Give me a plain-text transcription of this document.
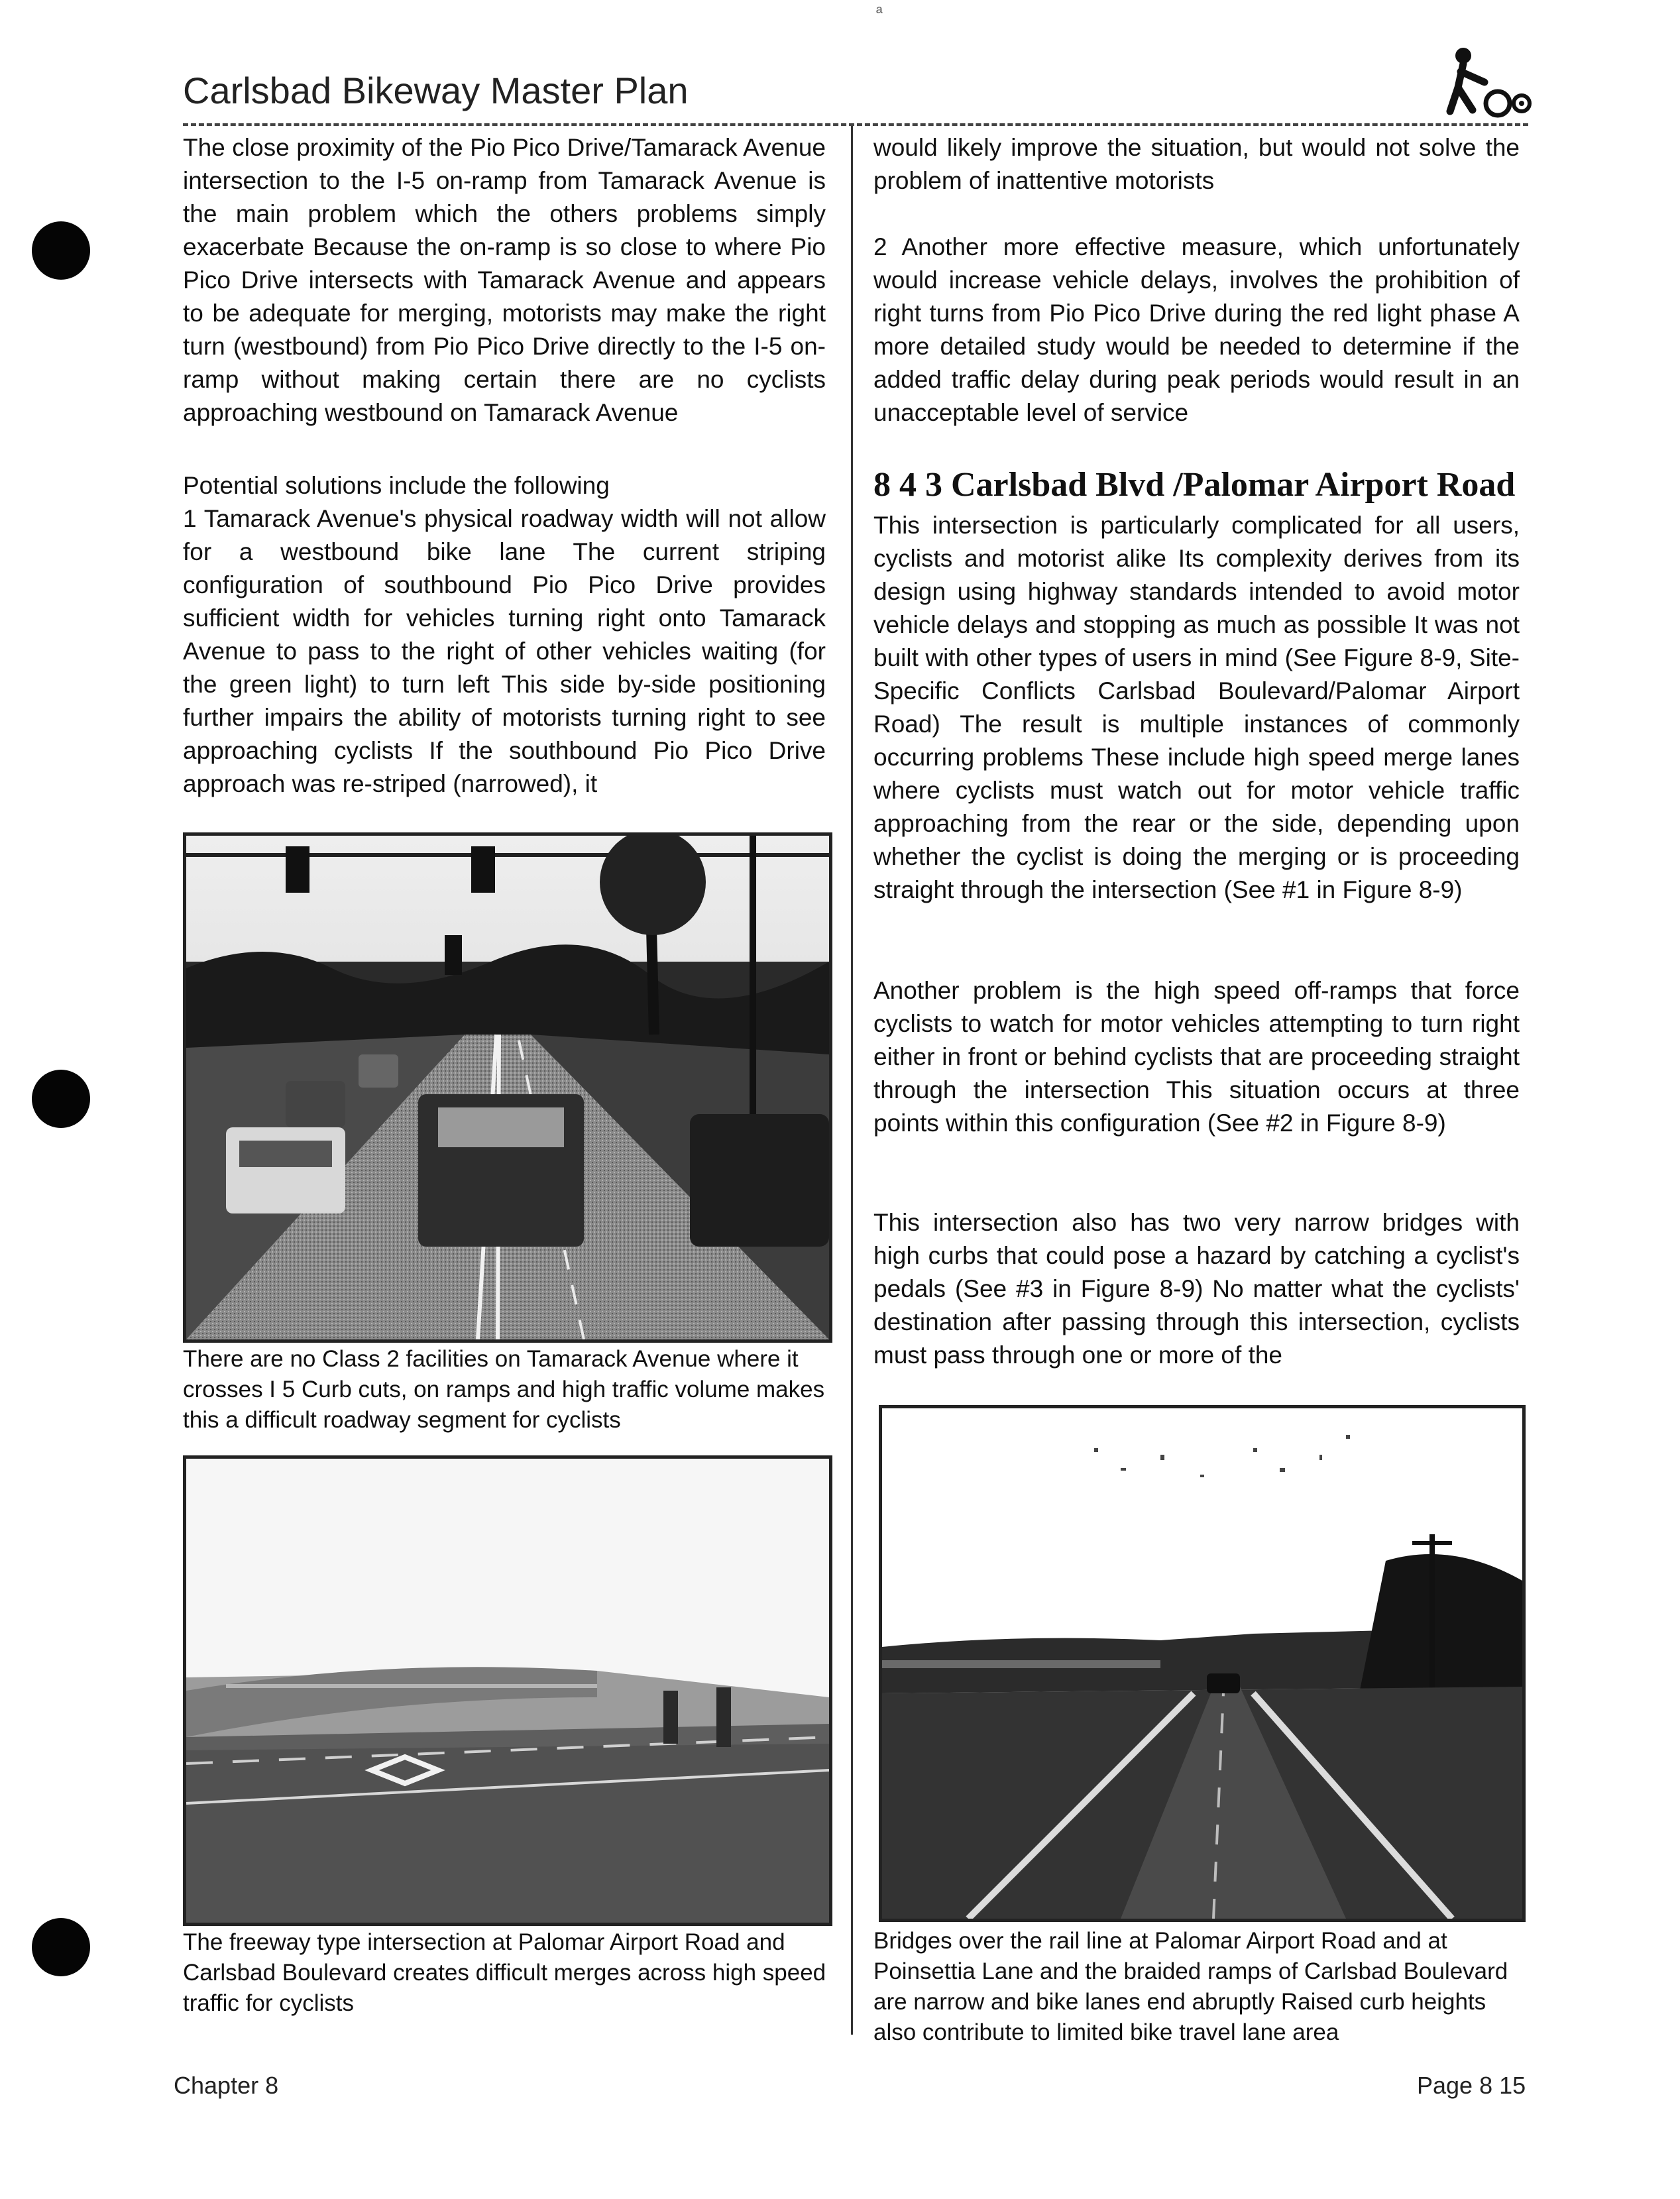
ª
Carlsbad Bikeway Master Plan

The close proximity of the Pio Pico Drive/Tamarack Avenue intersection to the I-5 on-ramp from Tamarack Avenue is the main problem which the others problems simply exacerbate Because the on-ramp is so close to where Pio Pico Drive intersects with Tamarack Avenue and appears to be adequate for merging, motorists may make the right turn (westbound) from Pio Pico Drive directly to the I-5 on-ramp without making certain there are no cyclists approaching westbound on Tamarack Avenue

Potential solutions include the following

1 Tamarack Avenue's physical roadway width will not allow for a westbound bike lane The current striping configuration of southbound Pio Pico Drive provides sufficient width for vehicles turning right onto Tamarack Avenue to pass to the right of other vehicles waiting (for the green light) to turn left This side by-side positioning further impairs the ability of motorists turning right to see approaching cyclists If the southbound Pio Pico Drive approach was re-striped (narrowed), it

There are no Class 2 facilities on Tamarack Avenue where it crosses I 5 Curb cuts, on ramps and high traffic volume makes this a difficult roadway segment for cyclists
The freeway type intersection at Palomar Airport Road and Carlsbad Boulevard creates difficult merges across high speed traffic for cyclists

would likely improve the situation, but would not solve the problem of inattentive motorists

2 Another more effective measure, which unfortunately would increase vehicle delays, involves the prohibition of right turns from Pio Pico Drive during the red light phase A more detailed study would be needed to determine if the added traffic delay during peak periods would result in an unacceptable level of service

8 4 3 Carlsbad Blvd /Palomar Airport Road

This intersection is particularly complicated for all users, cyclists and motorist alike Its complexity derives from its design using highway standards intended to avoid motor vehicle delays and stopping as much as possible It was not built with other types of users in mind (See Figure 8-9, Site-Specific Conflicts Carlsbad Boulevard/Palomar Airport Road) The result is multiple instances of commonly occurring problems These include high speed merge lanes where cyclists must watch out for motor vehicle traffic approaching from the rear or the side, depending upon whether the cyclist is doing the merging or is proceeding straight through the intersection (See #1 in Figure 8-9)

Another problem is the high speed off-ramps that force cyclists to watch for motor vehicles attempting to turn right either in front or behind cyclists that are proceeding straight through the intersection This situation occurs at three points within this configuration (See #2 in Figure 8-9)

This intersection also has two very narrow bridges with high curbs that could pose a hazard by catching a cyclist's pedals (See #3 in Figure 8-9) No matter what the cyclists' destination after passing through this intersection, cyclists must pass through one or more of the

Bridges over the rail line at Palomar Airport Road and at Poinsettia Lane and the braided ramps of Carlsbad Boulevard are narrow and bike lanes end abruptly Raised curb heights also contribute to limited bike travel lane area
Chapter 8	Page 8 15
